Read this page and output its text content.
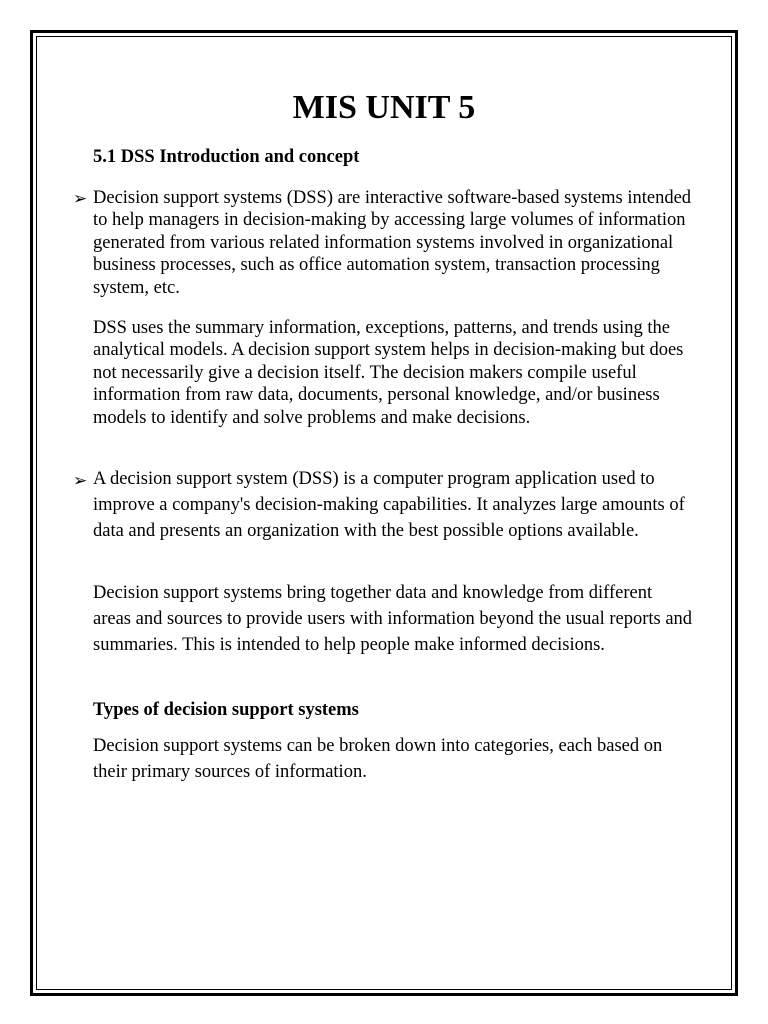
MIS UNIT 5
5.1 DSS Introduction and concept
➢ Decision support systems (DSS) are interactive software-based systems intended to help managers in decision-making by accessing large volumes of information generated from various related information systems involved in organizational business processes, such as office automation system, transaction processing system, etc.

DSS uses the summary information, exceptions, patterns, and trends using the analytical models. A decision support system helps in decision-making but does not necessarily give a decision itself. The decision makers compile useful information from raw data, documents, personal knowledge, and/or business models to identify and solve problems and make decisions.

➢ A decision support system (DSS) is a computer program application used to improve a company's decision-making capabilities. It analyzes large amounts of data and presents an organization with the best possible options available.

Decision support systems bring together data and knowledge from different areas and sources to provide users with information beyond the usual reports and summaries. This is intended to help people make informed decisions.

Types of decision support systems

Decision support systems can be broken down into categories, each based on their primary sources of information.
